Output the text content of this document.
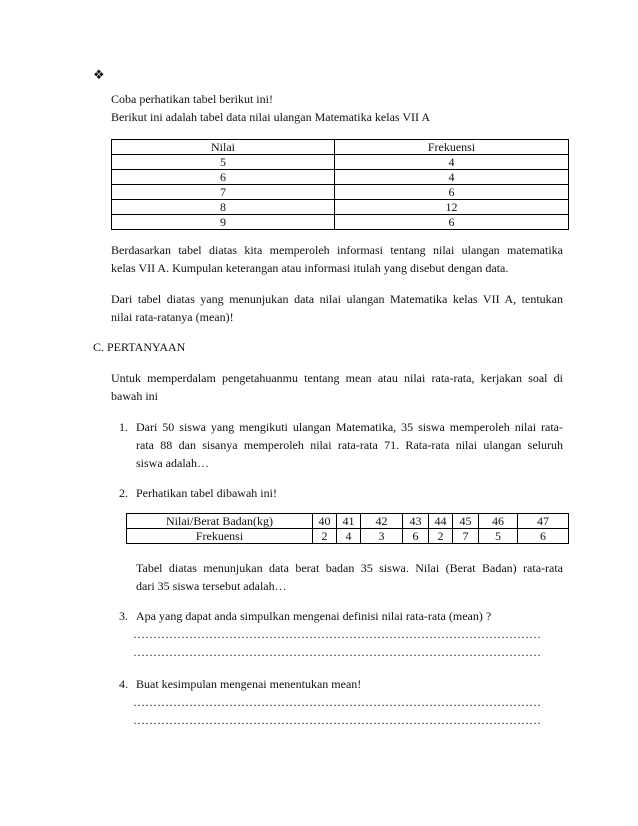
❖
Coba perhatikan tabel berikut ini!
Berikut ini adalah tabel data nilai ulangan Matematika kelas VII A
Nilai	Frekuensi
5	4
6	4
7	6
8	12
9	6
Berdasarkan tabel diatas kita memperoleh informasi tentang nilai ulangan matematika
kelas VII A. Kumpulan keterangan atau informasi itulah yang disebut dengan data.
Dari tabel diatas yang menunjukan data nilai ulangan Matematika kelas VII A, tentukan
nilai rata-ratanya (mean)!
C. PERTANYAAN
Untuk memperdalam pengetahuanmu tentang mean atau nilai rata-rata, kerjakan soal di
bawah ini
1. Dari 50 siswa yang mengikuti ulangan Matematika, 35 siswa memperoleh nilai rata-
rata 88 dan sisanya memperoleh nilai rata-rata 71. Rata-rata nilai ulangan seluruh
siswa adalah…
2. Perhatikan tabel dibawah ini!
Nilai/Berat Badan(kg)	40	41	42	43	44	45	46	47
Frekuensi	2	4	3	6	2	7	5	6
Tabel diatas menunjukan data berat badan 35 siswa. Nilai (Berat Badan) rata-rata
dari 35 siswa tersebut adalah…
3. Apa yang dapat anda simpulkan mengenai definisi nilai rata-rata (mean) ?
…………………………………………………………………………………………
…………………………………………………………………………………………
4. Buat kesimpulan mengenai menentukan mean!
…………………………………………………………………………………………
…………………………………………………………………………………………
